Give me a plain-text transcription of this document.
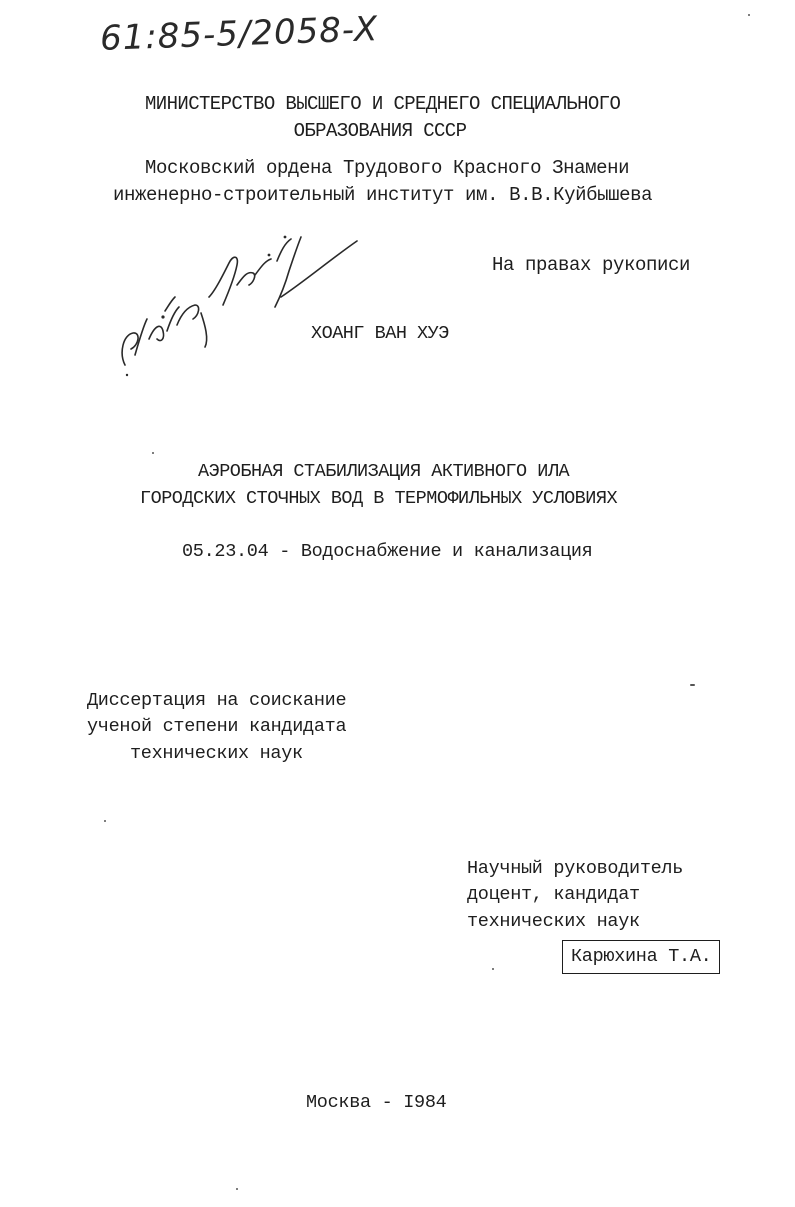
61:85-5/2058-X
МИНИСТЕРСТВО ВЫСШЕГО И СРЕДНЕГО СПЕЦИАЛЬНОГО
ОБРАЗОВАНИЯ СССР
Московский ордена Трудового Красного Знамени
инженерно-строительный институт им. В.В.Куйбышева
На правах рукописи
ХОАНГ ВАН ХУЭ
АЭРОБНАЯ СТАБИЛИЗАЦИЯ АКТИВНОГО ИЛА
ГОРОДСКИХ СТОЧНЫХ ВОД В ТЕРМОФИЛЬНЫХ УСЛОВИЯХ
05.23.04 - Водоснабжение и канализация
Диссертация на соискание
ученой степени кандидата
технических наук
Научный руководитель
доцент, кандидат
технических наук
Карюхина Т.А.
Москва - I984
